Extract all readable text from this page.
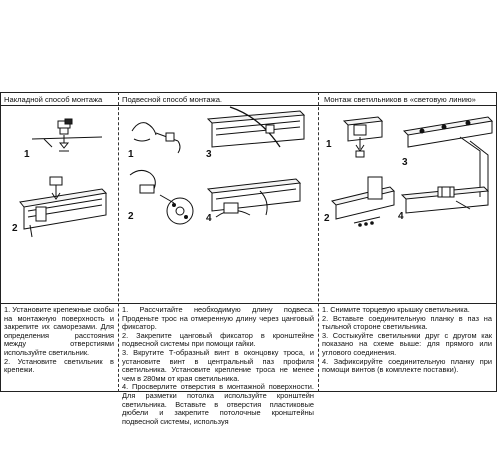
Накладной способ монтажа	Подвесной способ монтажа.	Монтаж светильников в «световую линию»
1
2
1	3
2	4
1
3
2	4

1. Установите крепежные скобы на монтажную поверхность и закрепите их саморезами. Для определения расстояния между отверстиями используйте светильник.

2. Установите светильник в крепежи.

1. Рассчитайте необходимую длину подвеса. Проденьте трос на отмеренную длину через цанговый фиксатор.

2. Закрепите цанговый фиксатор в кронштейне подвесной системы при помощи гайки.

3. Вкрутите Т-образный винт в оконцовку троса, и установите винт в центральный паз профиля светильника. Установите крепление троса не менее чем в 280мм от края светильника.

4. Просверлите отверстия в монтажной поверхности. Для разметки потолка используйте кронштейн светильника. Вставьте в отверстия пластиковые дюбели и закрепите потолочные кронштейны подвесной системы, используя

1. Снимите торцевую крышку светильника.

2. Вставьте соединительную планку в паз на тыльной стороне светильника.

3. Состыкуйте светильники друг с другом как показано на схеме выше: для прямого или углового соединения.

4. Зафиксируйте соединительную планку при помощи винтов (в комплекте поставки).
